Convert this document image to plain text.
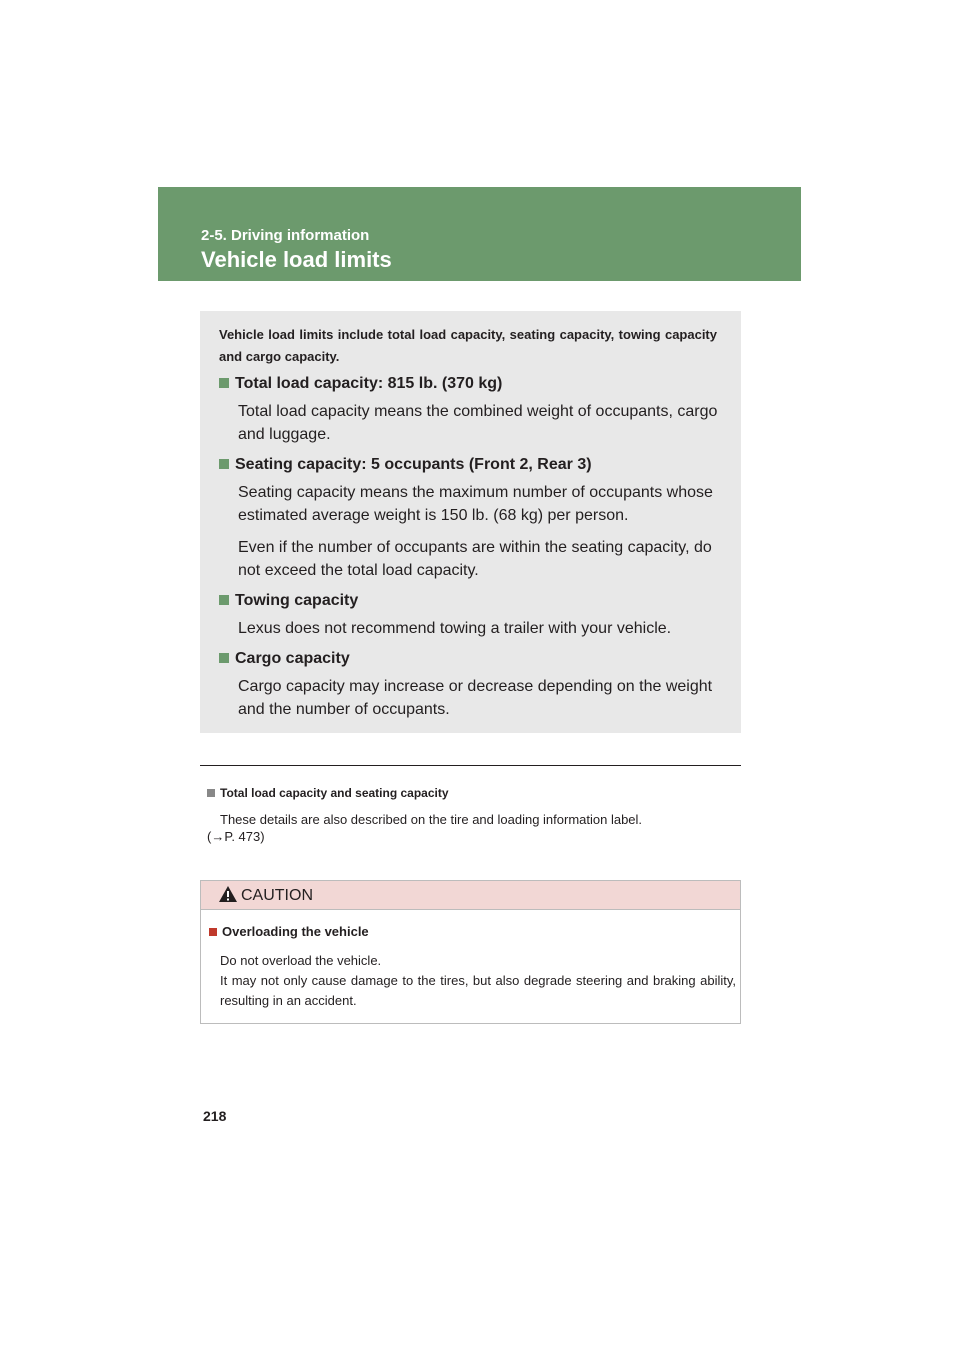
2-5. Driving information
Vehicle load limits
Vehicle load limits include total load capacity, seating capacity, towing capacity and cargo capacity.
Total load capacity: 815 lb. (370 kg)
Total load capacity means the combined weight of occupants, cargo and luggage.
Seating capacity: 5 occupants (Front 2, Rear 3)
Seating capacity means the maximum number of occupants whose estimated average weight is 150 lb. (68 kg) per person.
Even if the number of occupants are within the seating capacity, do not exceed the total load capacity.
Towing capacity
Lexus does not recommend towing a trailer with your vehicle.
Cargo capacity
Cargo capacity may increase or decrease depending on the weight and the number of occupants.
Total load capacity and seating capacity
These details are also described on the tire and loading information label.
(→P. 473)
CAUTION
Overloading the vehicle
Do not overload the vehicle.
It may not only cause damage to the tires, but also degrade steering and braking ability, resulting in an accident.
218
